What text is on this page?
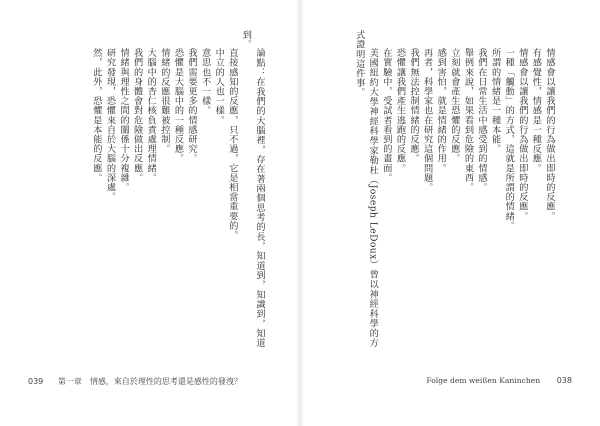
論點：在我們的大腦裡，存在著兩個思考的長，知道到，知識到，知道到。

直接感知的反應，只不過，它是相當重要的。

中立的人也一樣。

意思也不一樣。

我們需要更多的情感研究。

恐懼是大腦中的一種反應。

情緒的反應很難被控制。

大腦中的杏仁核負責處理情緒。

我們的身體會對危險做出反應。

情緒與理性之間的關係十分複雜。

研究發現，恐懼來自於大腦的深處。

然，此外，恐懼是本能的反應。

039 第一章　情感，來自於理性的思考還是感性的發洩？

情感會以讓我們的行為做出即時的反應。

有感覺性，情感是一種反應。

情感會以讓我們的行為做出即時的反應。

一種「觸動」的方式，這就是所謂的情緒。

所謂的情緒是一種本能。

我們在日常生活中感受到的情感。

舉例來說，如果看到危險的東西。

立刻就會產生恐懼的反應。

感到害怕，就是情緒的作用。

再者，科學家也在研究這個問題。

我們無法控制情緒的反應。

恐懼讓我們產生逃跑的反應。

在實驗中，受試者看到的畫面。

美國紐約大學神經科學家勒杜（Joseph LeDoux）曾以神經科學的方式證明這件事。

Folge dem weißen Kaninchen 038
